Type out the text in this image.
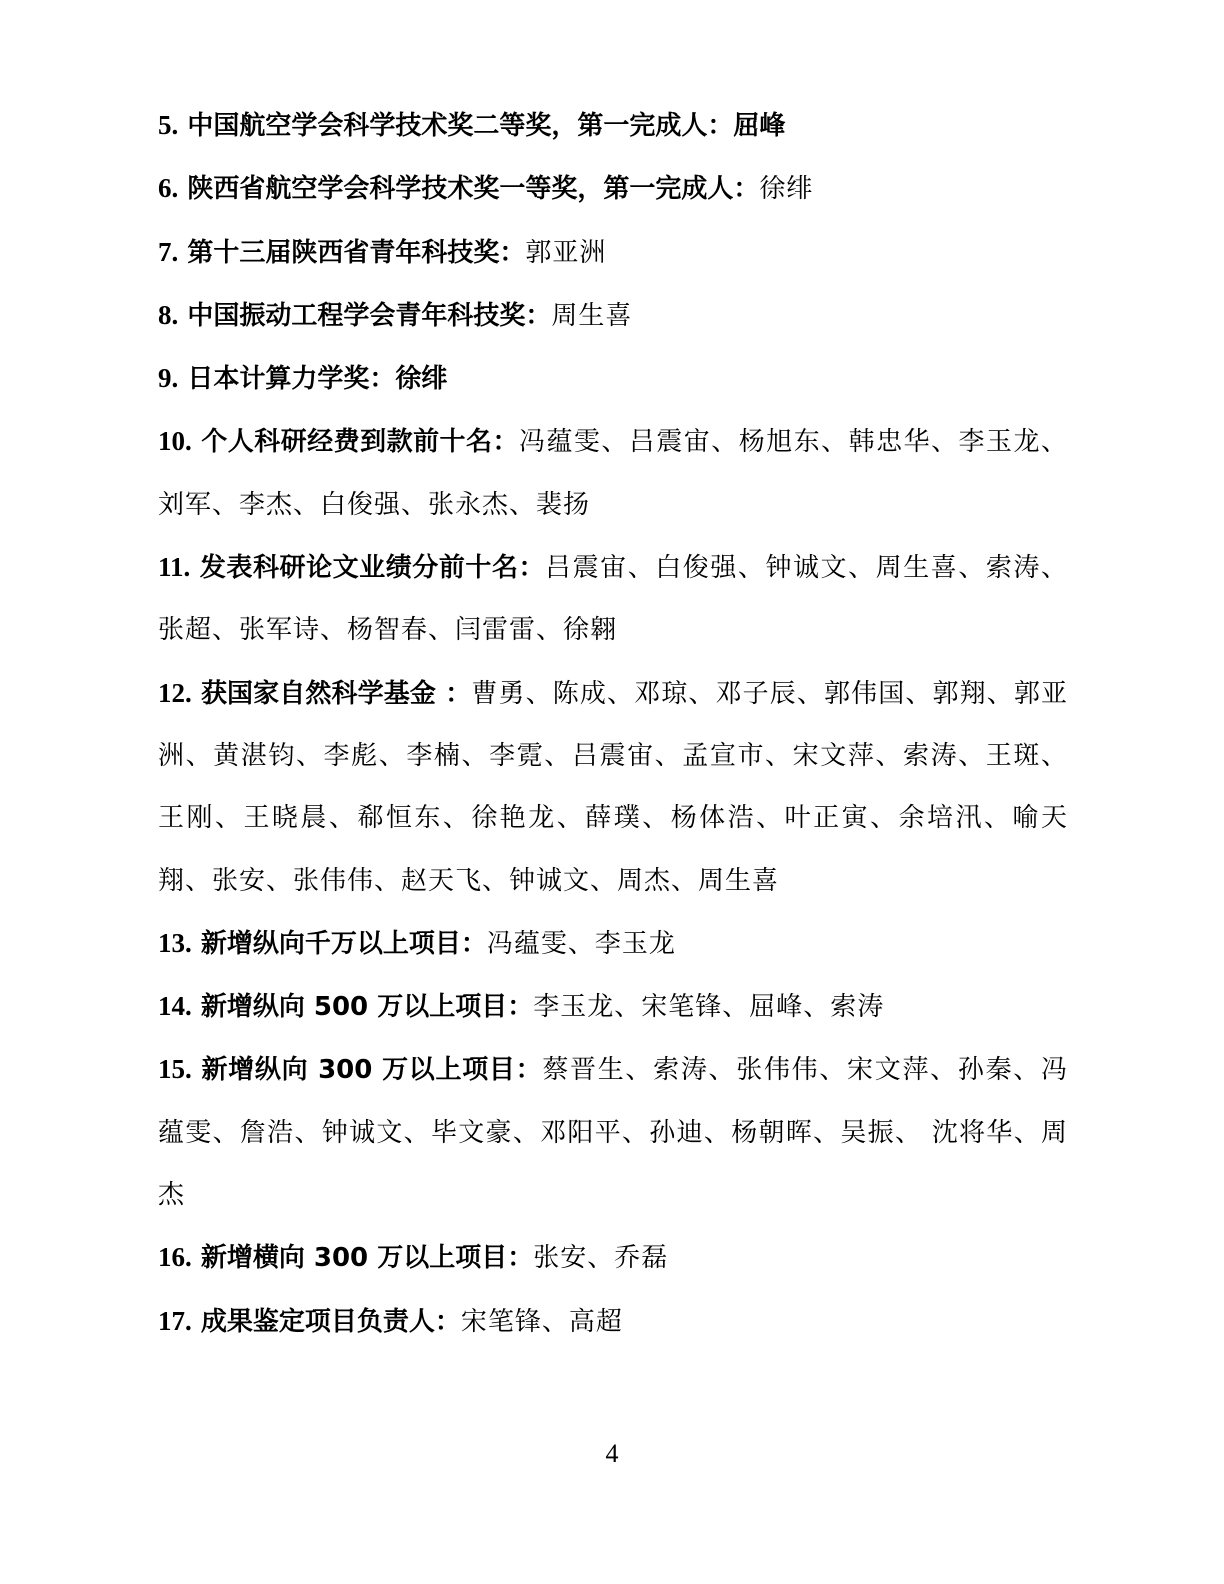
5. 中国航空学会科学技术奖二等奖，第一完成人：屈峰
6. 陕西省航空学会科学技术奖一等奖，第一完成人：徐绯
7. 第十三届陕西省青年科技奖：郭亚洲
8. 中国振动工程学会青年科技奖：周生喜
9. 日本计算力学奖：徐绯
10. 个人科研经费到款前十名：冯蕴雯、吕震宙、杨旭东、韩忠华、李玉龙、刘军、李杰、白俊强、张永杰、裴扬
11. 发表科研论文业绩分前十名：吕震宙、白俊强、钟诚文、周生喜、索涛、张超、张军诗、杨智春、闫雷雷、徐翱
12. 获国家自然科学基金 ：曹勇、陈成、邓琼、邓子辰、郭伟国、郭翔、郭亚洲、黄湛钧、李彪、李楠、李霓、吕震宙、孟宣市、宋文萍、索涛、王斑、王刚、王晓晨、郗恒东、徐艳龙、薛璞、杨体浩、叶正寅、余培汛、喻天翔、张安、张伟伟、赵天飞、钟诚文、周杰、周生喜
13. 新增纵向千万以上项目：冯蕴雯、李玉龙
14. 新增纵向 500 万以上项目：李玉龙、宋笔锋、屈峰、索涛
15. 新增纵向 300 万以上项目：蔡晋生、索涛、张伟伟、宋文萍、孙秦、冯蕴雯、詹浩、钟诚文、毕文豪、邓阳平、孙迪、杨朝晖、吴振、 沈将华、周杰
16. 新增横向 300 万以上项目：张安、乔磊
17. 成果鉴定项目负责人：宋笔锋、高超
4
